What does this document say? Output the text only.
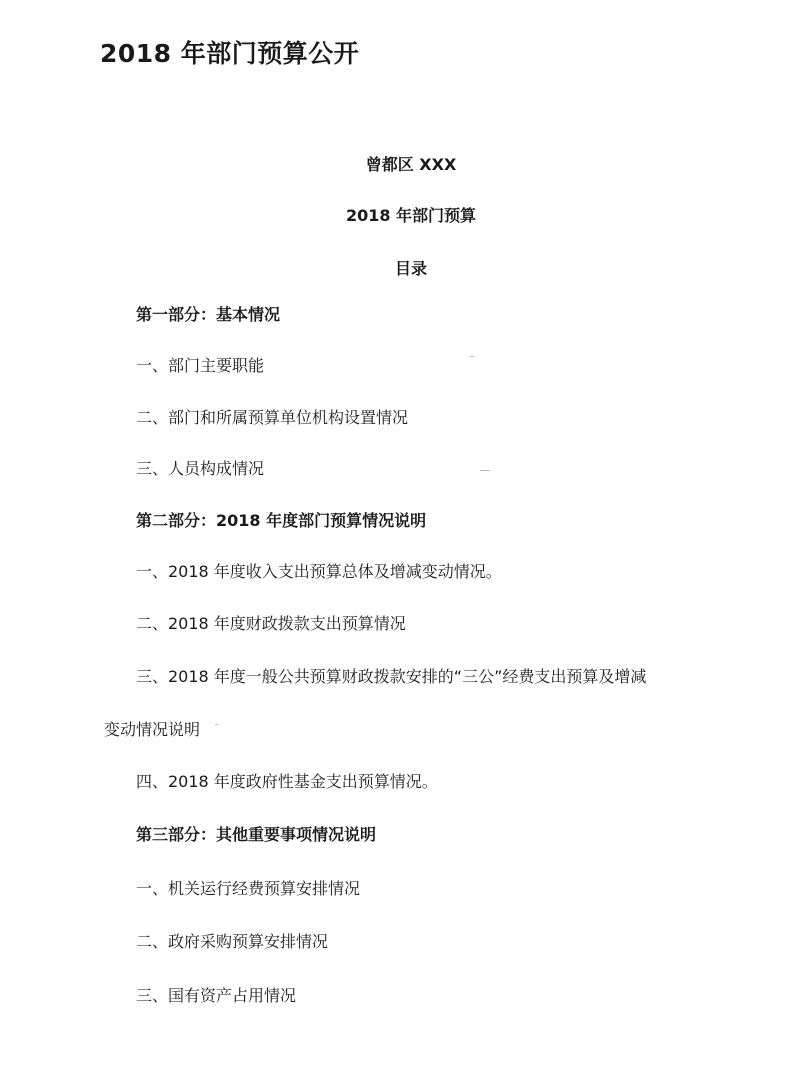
2018 年部门预算公开
曾都区 XXX
2018 年部门预算
目录
第一部分：基本情况
一、部门主要职能
二、部门和所属预算单位机构设置情况
三、人员构成情况
第二部分：2018 年度部门预算情况说明
一、2018 年度收入支出预算总体及增减变动情况。
二、2018 年度财政拨款支出预算情况
三、2018 年度一般公共预算财政拨款安排的“三公”经费支出预算及增减
变动情况说明
四、2018 年度政府性基金支出预算情况。
第三部分：其他重要事项情况说明
一、机关运行经费预算安排情况
二、政府采购预算安排情况
三、国有资产占用情况
